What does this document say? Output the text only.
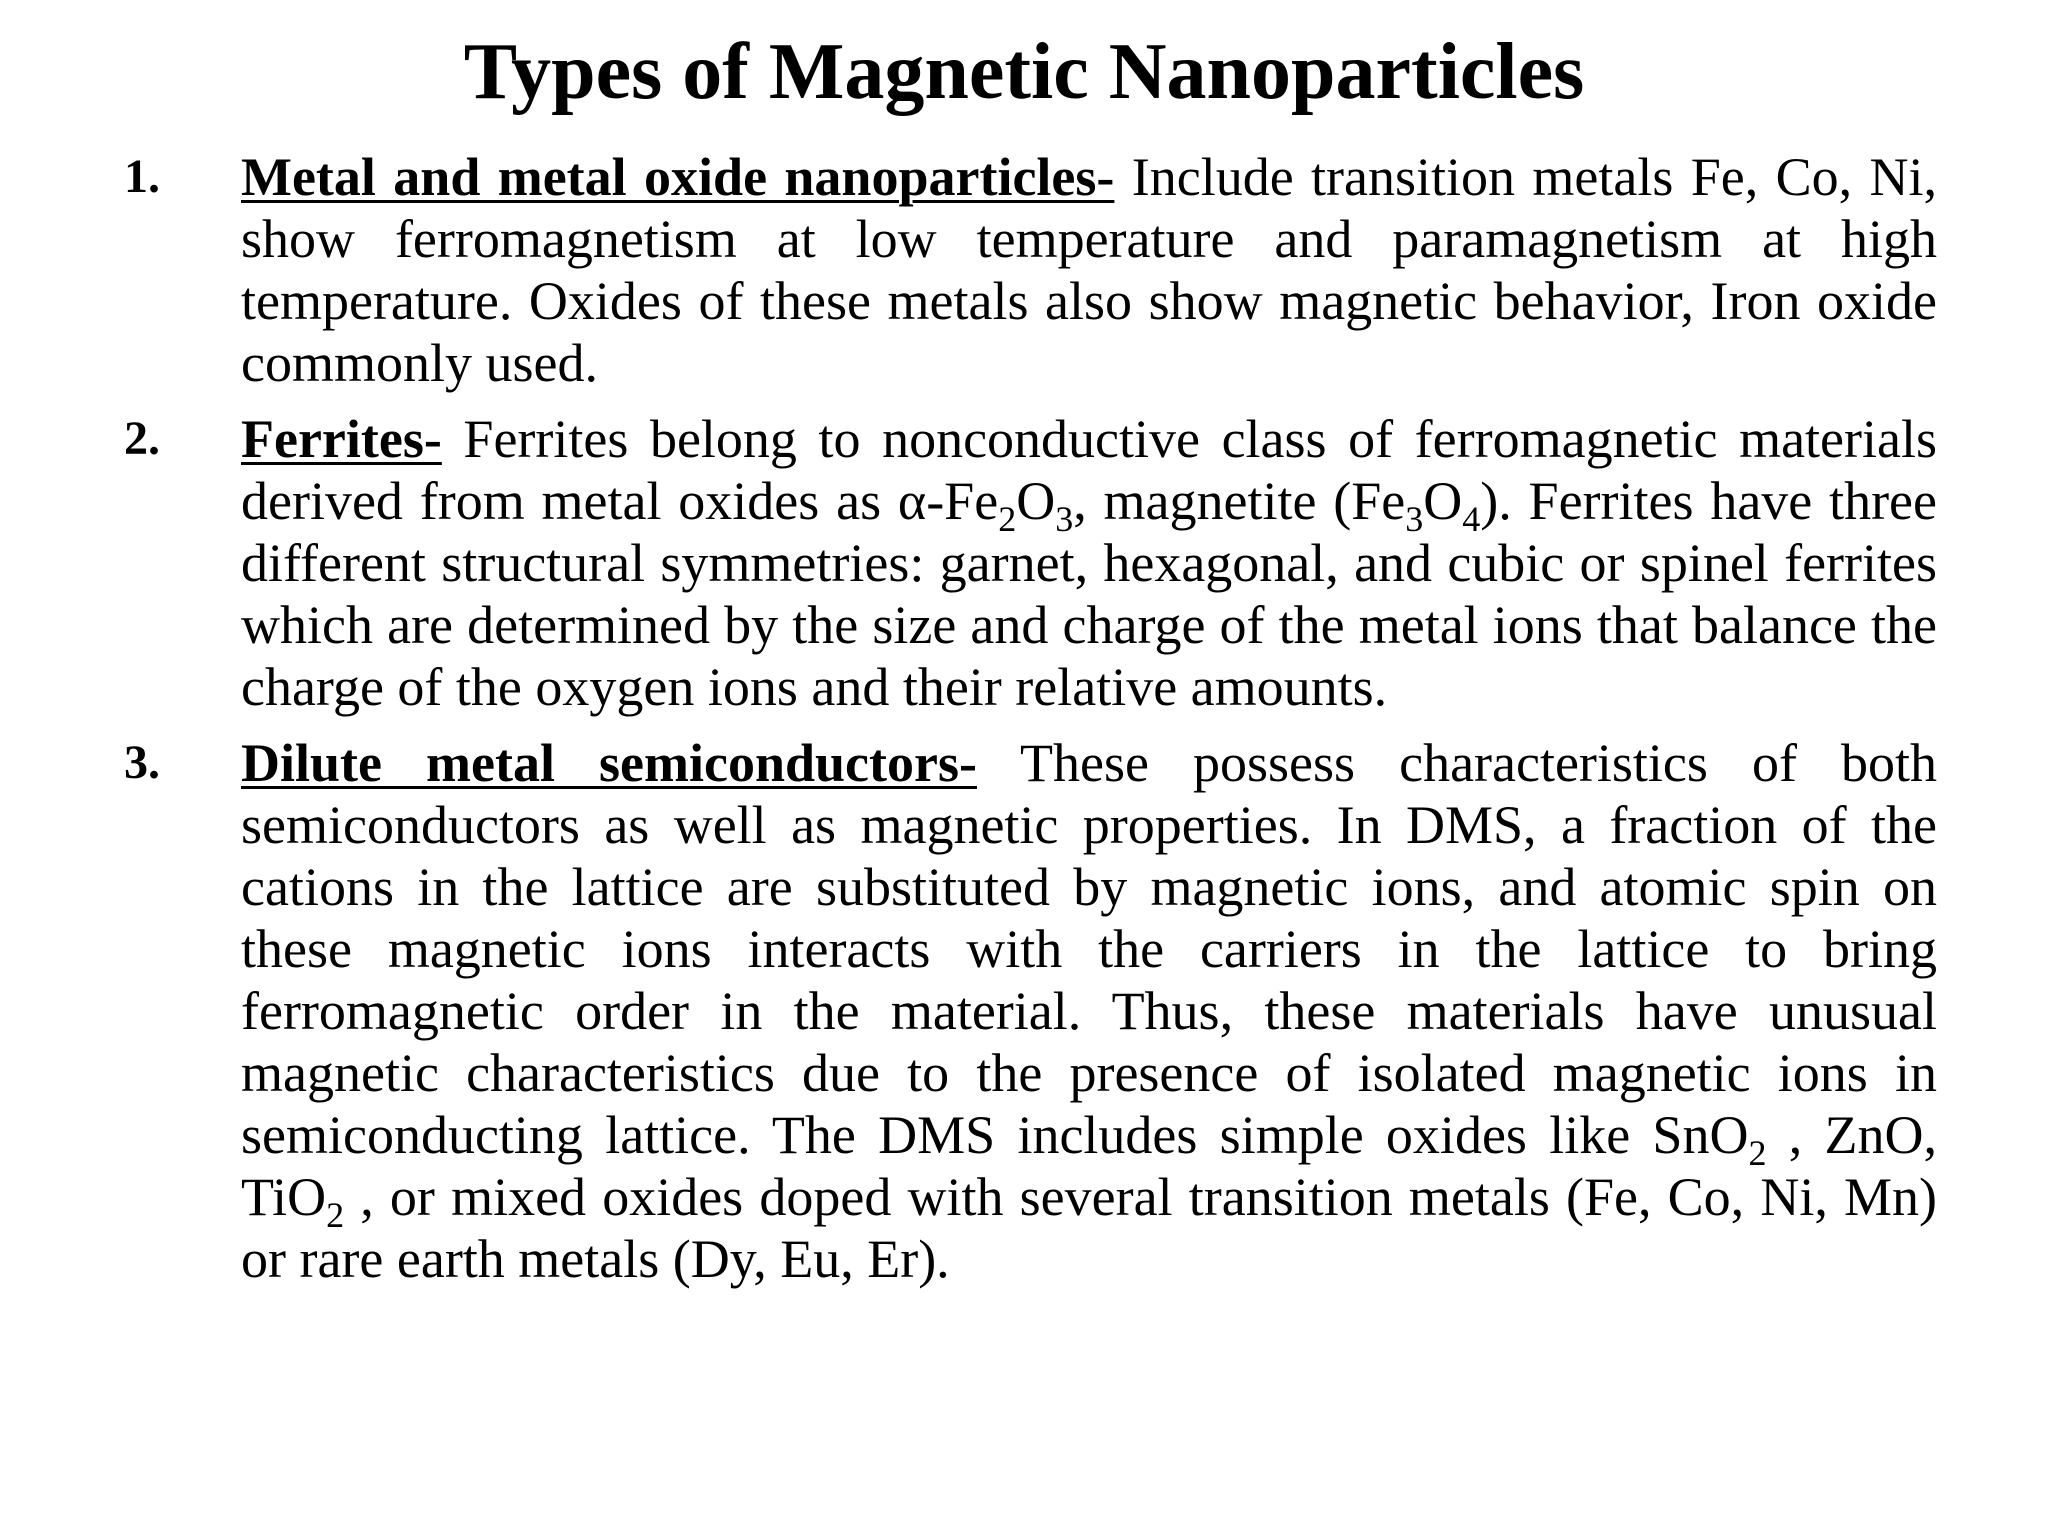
Types of Magnetic Nanoparticles
1. Metal and metal oxide nanoparticles- Include transition metals Fe, Co, Ni, show ferromagnetism at low temperature and paramagnetism at high temperature. Oxides of these metals also show magnetic behavior, Iron oxide commonly used.
2. Ferrites- Ferrites belong to nonconductive class of ferromagnetic materials derived from metal oxides as $\alpha-Fe_2O_3$, magnetite $(Fe_3O_4)$. Ferrites have three different structural symmetries: garnet, hexagonal, and cubic or spinel ferrites which are determined by the size and charge of the metal ions that balance the charge of the oxygen ions and their relative amounts.
3. Dilute metal semiconductors- These possess characteristics of both semiconductors as well as magnetic properties. In DMS, a fraction of the cations in the lattice are substituted by magnetic ions, and atomic spin on these magnetic ions interacts with the carriers in the lattice to bring ferromagnetic order in the material. Thus, these materials have unusual magnetic characteristics due to the presence of isolated magnetic ions in semiconducting lattice. The DMS includes simple oxides like SnO$_2$ , ZnO, TiO$_2$ , or mixed oxides doped with several transition metals (Fe, Co, Ni, Mn) or rare earth metals (Dy, Eu, Er).
